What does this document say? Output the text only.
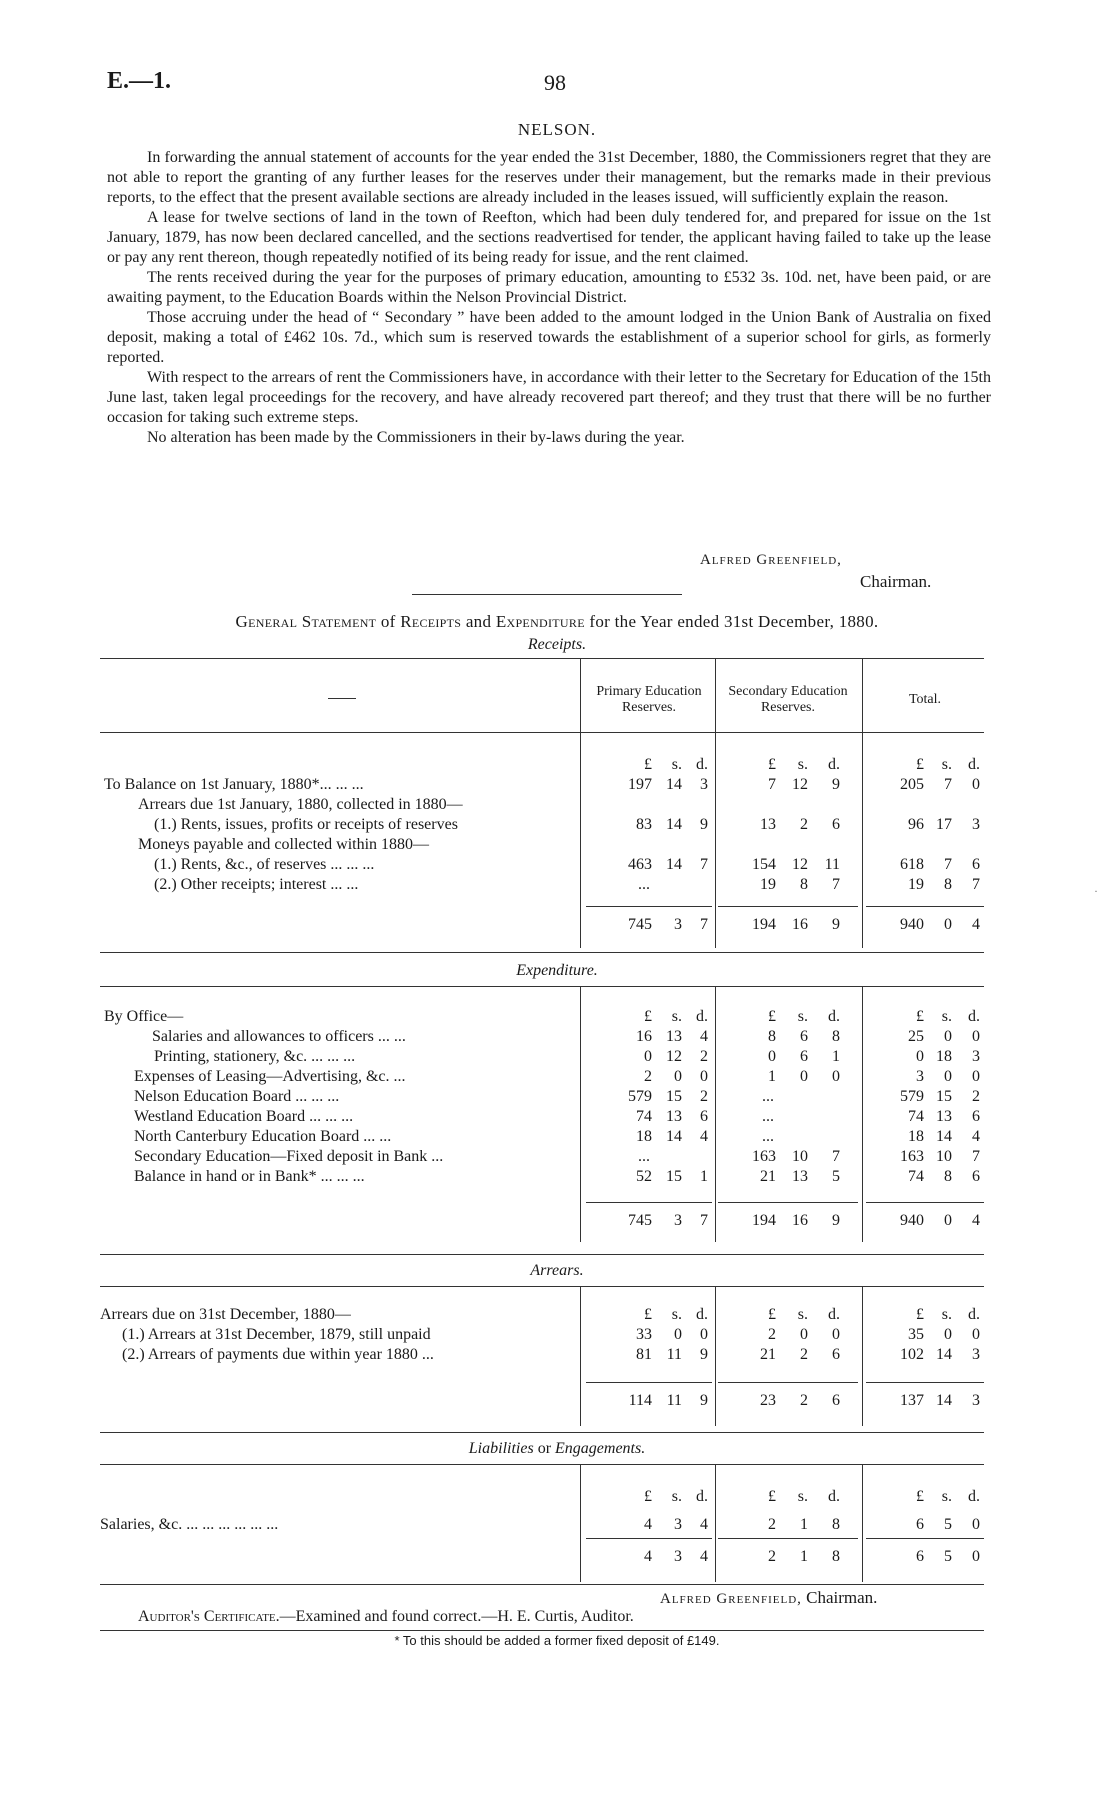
E.—1.	98
NELSON.

In forwarding the annual statement of accounts for the year ended the 31st December, 1880, the Commissioners regret that they are not able to report the granting of any further leases for the reserves under their management, but the remarks made in their previous reports, to the effect that the present available sections are already included in the leases issued, will sufficiently explain the reason.

A lease for twelve sections of land in the town of Reefton, which had been duly tendered for, and prepared for issue on the 1st January, 1879, has now been declared cancelled, and the sections readvertised for tender, the applicant having failed to take up the lease or pay any rent thereon, though repeatedly notified of its being ready for issue, and the rent claimed.

The rents received during the year for the purposes of primary education, amounting to £532 3s. 10d. net, have been paid, or are awaiting payment, to the Education Boards within the Nelson Provincial District.

Those accruing under the head of “ Secondary ” have been added to the amount lodged in the Union Bank of Australia on fixed deposit, making a total of £462 10s. 7d., which sum is reserved towards the establishment of a superior school for girls, as formerly reported.

With respect to the arrears of rent the Commissioners have, in accordance with their letter to the Secretary for Education of the 15th June last, taken legal proceedings for the recovery, and have already recovered part thereof; and they trust that there will be no further occasion for taking such extreme steps.

No alteration has been made by the Commissioners in their by-laws during the year.

Alfred Greenfield,
Chairman.
General Statement of Receipts and Expenditure for the Year ended 31st December, 1880.
Receipts.
Primary Education Reserves.
Secondary Education Reserves.
Total.
£	s. d.	£	s.	d.	£	s.	d.
To Balance on 1st January, 1880*... ... ...	197 14	3	7	12	9	205	7	0
Arrears due 1st January, 1880, collected in 1880—
(1.) Rents, issues, profits or receipts of reserves	83 14	9	13	2	6	96 17	3
Moneys payable and collected within 1880—
(1.) Rents, &c., of reserves ... ... ...	463 14	7	154	12	11	618	7	6
(2.) Other receipts; interest ... ...	...	19	8	7	19	8	7
745	3	7	194	16	9	940	0	4
Expenditure.
£	s. d.	£	s.	d.	£	s.	d.
By Office—
Salaries and allowances to officers ... ...	16 13	4	8	6	8	25	0	0
Printing, stationery, &c. ... ... ...	0 12	2	0	6	1	0 18	3
Expenses of Leasing—Advertising, &c. ...	2	0	0	1	0	0	3	0	0
Nelson Education Board ... ... ...	579 15	2	...	579 15	2
Westland Education Board ... ... ...	74 13	6	...	74 13	6
North Canterbury Education Board ... ...	18 14	4	...	18 14	4
Secondary Education—Fixed deposit in Bank ...	...	163	10	7	163 10	7
Balance in hand or in Bank* ... ... ...	52 15	1	21	13	5	74	8	6
745	3	7	194	16	9	940	0	4
Arrears.
£	s. d.	£	s.	d.	£	s.	d.
Arrears due on 31st December, 1880—
(1.) Arrears at 31st December, 1879, still unpaid	33	0	0	2	0	0	35	0	0
(2.) Arrears of payments due within year 1880 ...	81 11	9	21	2	6	102 14	3
114 11	9	23	2	6	137 14	3
Liabilities or Engagements.
£	s. d.	£	s.	d.	£	s.	d.
Salaries, &c. ... ... ... ... ... ...	4	3	4	2	1	8	6	5	0
4	3	4	2	1	8	6	5	0
Alfred Greenfield, Chairman.
Auditor's Certificate.—Examined and found correct.—H. E. Curtis, Auditor.
* To this should be added a former fixed deposit of £149.
·
